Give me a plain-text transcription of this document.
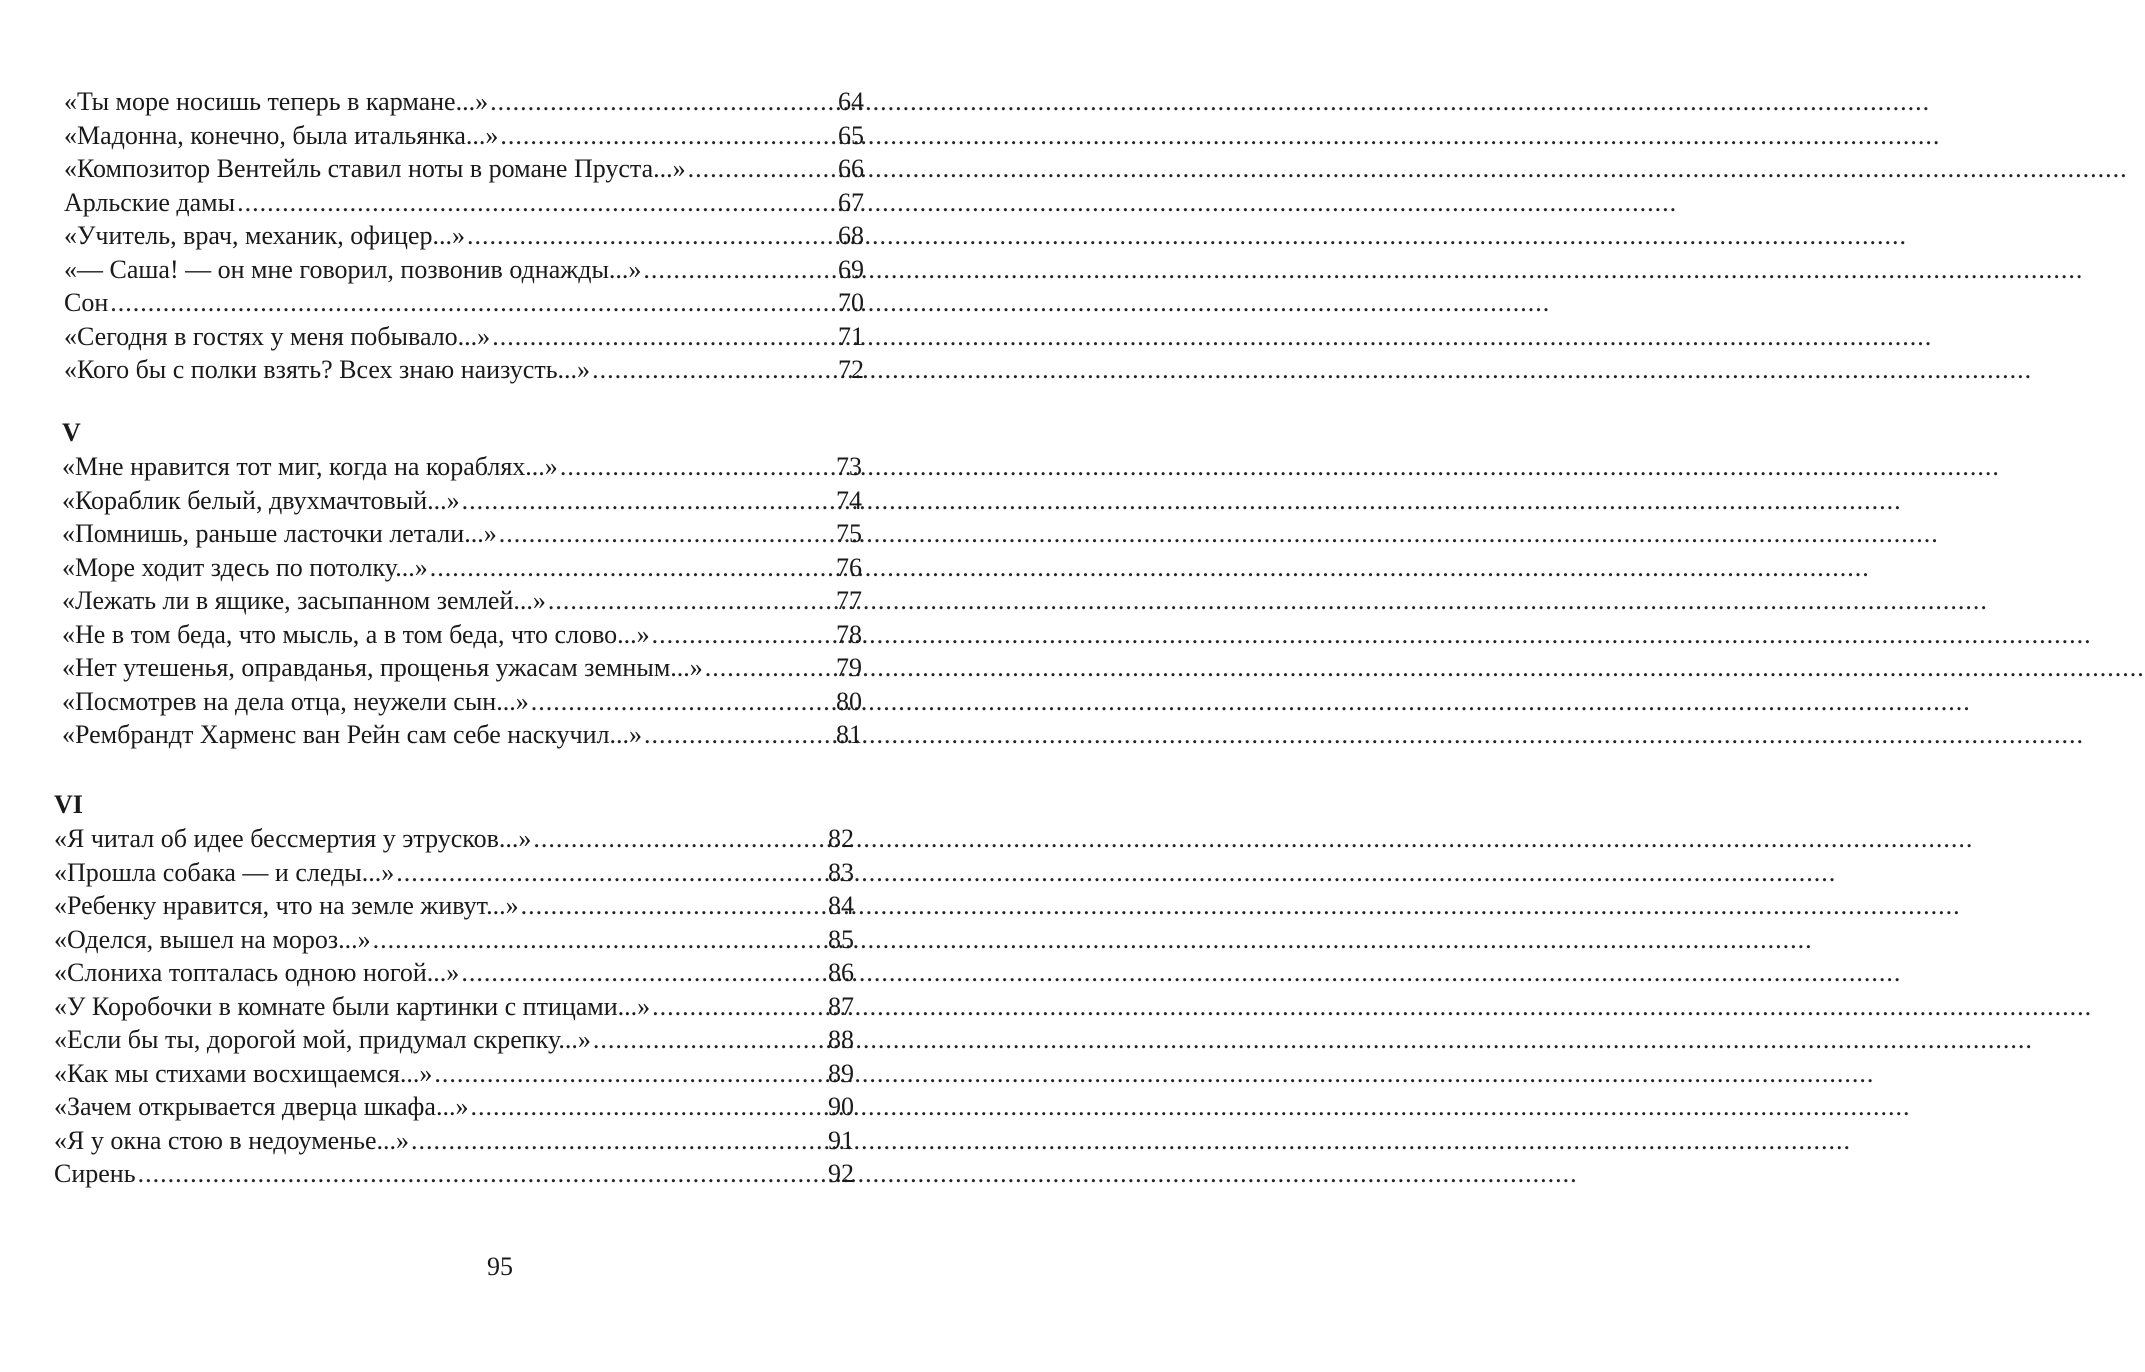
«Ты море носишь теперь в кармане...» .....	64
«Мадонна, конечно, была итальянка...» .....	65
«Композитор Вентейль ставил ноты в романе Пруста...» .....	66
Арльские дамы .....	67
«Учитель, врач, механик, офицер...» .....	68
«— Саша! — он мне говорил, позвонив однажды...» .....	69
Сон .....	70
«Сегодня в гостях у меня побывало...» .....	71
«Кого бы с полки взять? Всех знаю наизусть...» .....	72
V
«Мне нравится тот миг, когда на кораблях...» .....	73
«Кораблик белый, двухмачтовый...» .....	74
«Помнишь, раньше ласточки летали...» .....	75
«Море ходит здесь по потолку...» .....	76
«Лежать ли в ящике, засыпанном землей...» .....	77
«Не в том беда, что мысль, а в том беда, что слово...» .....	78
«Нет утешенья, оправданья, прощенья ужасам земным...» .....	79
«Посмотрев на дела отца, неужели сын...» .....	80
«Рембрандт Харменс ван Рейн сам себе наскучил...» .....	81
VI
«Я читал об идее бессмертия у этрусков...» .....	82
«Прошла собака — и следы...» .....	83
«Ребенку нравится, что на земле живут...» .....	84
«Оделся, вышел на мороз...» .....	85
«Слониха топталась одною ногой...» .....	86
«У Коробочки в комнате были картинки с птицами...» .....	87
«Если бы ты, дорогой мой, придумал скрепку...» .....	88
«Как мы стихами восхищаемся...» .....	89
«Зачем открывается дверца шкафа...» .....	90
«Я у окна стою в недоуменье...» .....	91
Сирень .....	92
95
